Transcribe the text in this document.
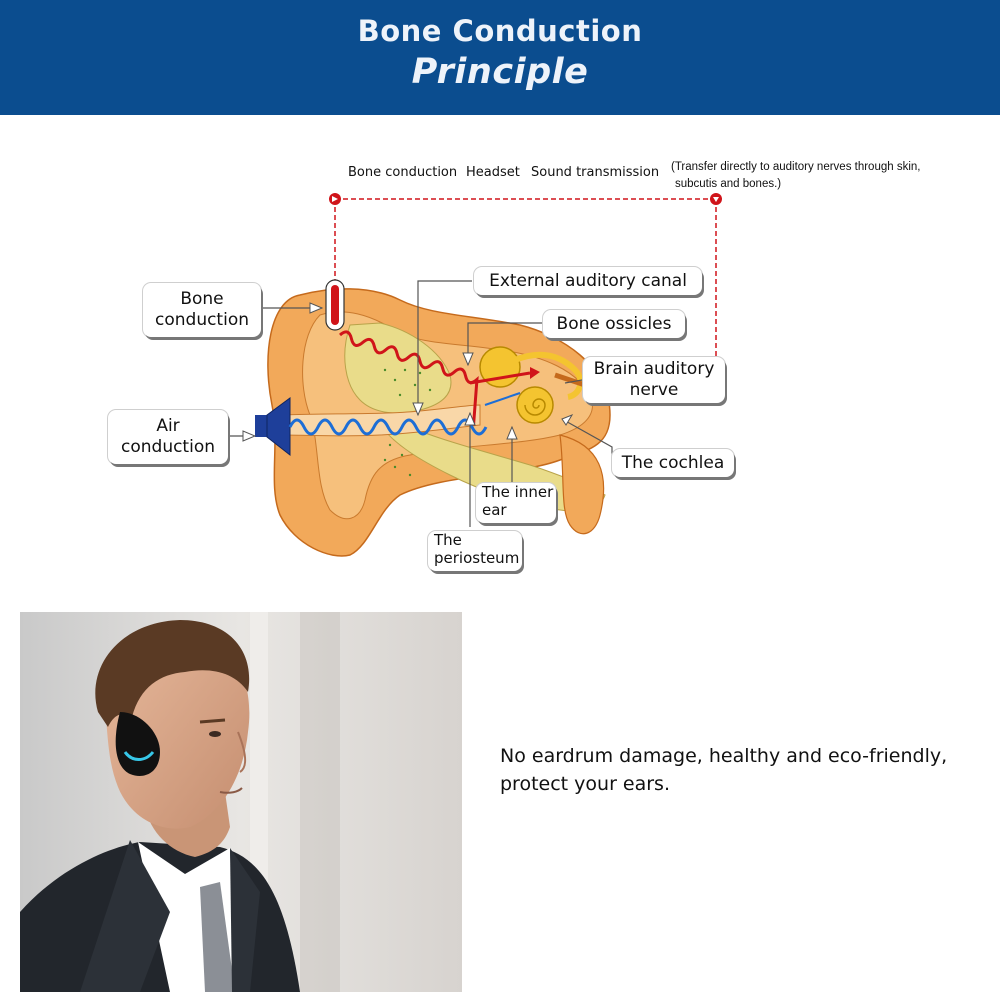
Bone Conduction
Principle
Bone conduction Headset Sound transmission (Transfer directly to auditory nerves through skin,
subcutis and bones.)
Bone
conduction
Air
conduction
External auditory canal
Bone ossicles
Brain auditory
nerve
The cochlea
The inner
ear
The
periosteum
No eardrum damage, healthy and eco-friendly,
protect your ears.
